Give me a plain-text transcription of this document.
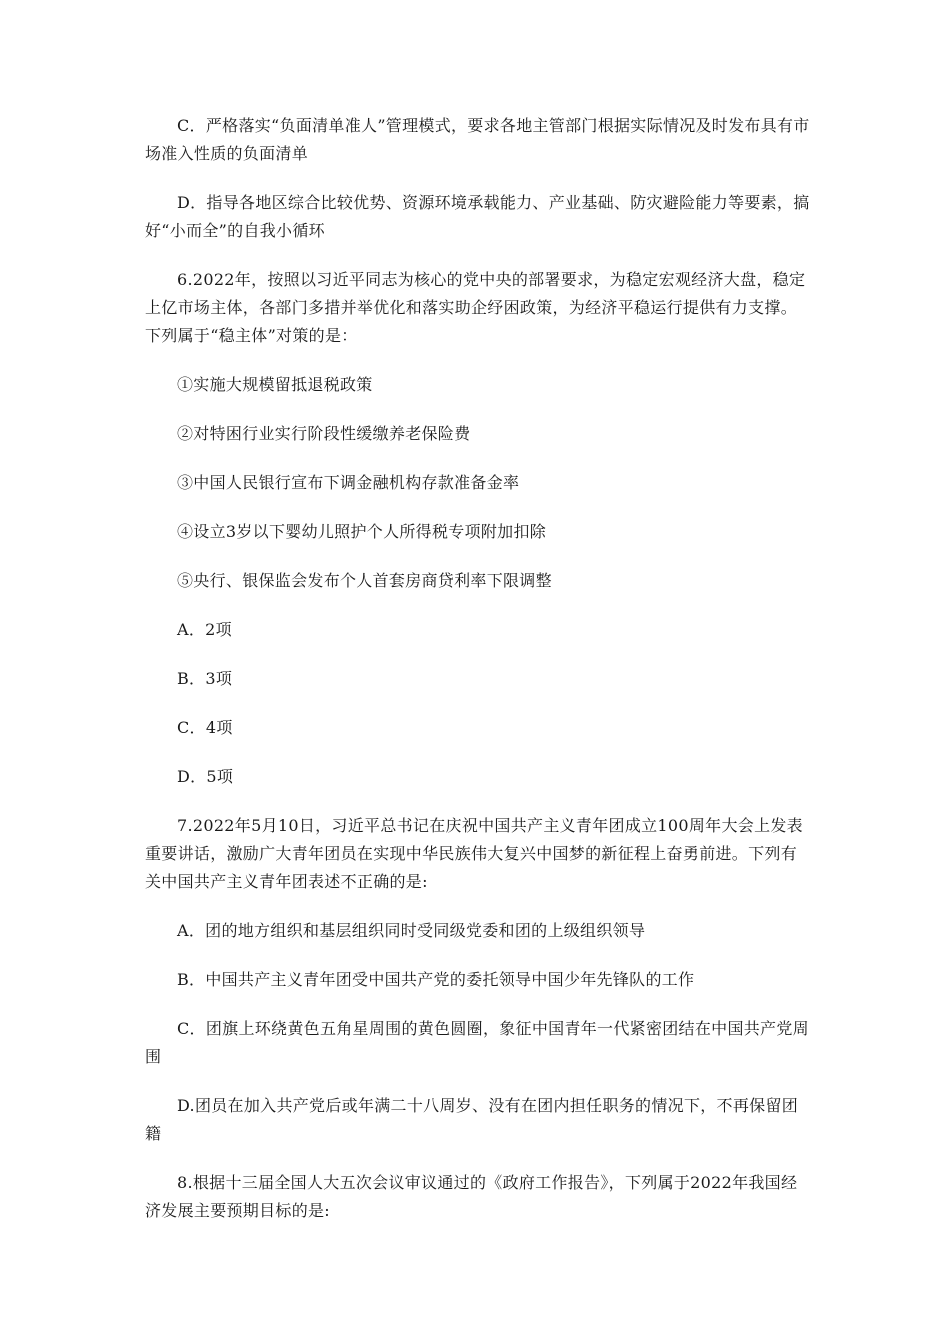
C．严格落实“负面清单准人”管理模式，要求各地主管部门根据实际情况及时发布具有市场准入性质的负面清单

D．指导各地区综合比较优势、资源环境承载能力、产业基础、防灾避险能力等要素，搞好“小而全”的自我小循环

6.2022年，按照以习近平同志为核心的党中央的部署要求，为稳定宏观经济大盘，稳定上亿市场主体，各部门多措并举优化和落实助企纾困政策，为经济平稳运行提供有力支撑。下列属于“稳主体”对策的是：

①实施大规模留抵退税政策

②对特困行业实行阶段性缓缴养老保险费

③中国人民银行宣布下调金融机构存款准备金率

④设立3岁以下婴幼儿照护个人所得税专项附加扣除

⑤央行、银保监会发布个人首套房商贷利率下限调整

A．2项

B．3项

C．4项

D．5项

7.2022年5月10日，习近平总书记在庆祝中国共产主义青年团成立100周年大会上发表重要讲话，激励广大青年团员在实现中华民族伟大复兴中国梦的新征程上奋勇前进。下列有关中国共产主义青年团表述不正确的是:

A．团的地方组织和基层组织同时受同级党委和团的上级组织领导

B．中国共产主义青年团受中国共产党的委托领导中国少年先锋队的工作

C．团旗上环绕黄色五角星周围的黄色圆圈，象征中国青年一代紧密团结在中国共产党周围

D.团员在加入共产党后或年满二十八周岁、没有在团内担任职务的情况下，不再保留团籍

8.根据十三届全国人大五次会议审议通过的《政府工作报告》，下列属于2022年我国经济发展主要预期目标的是:
